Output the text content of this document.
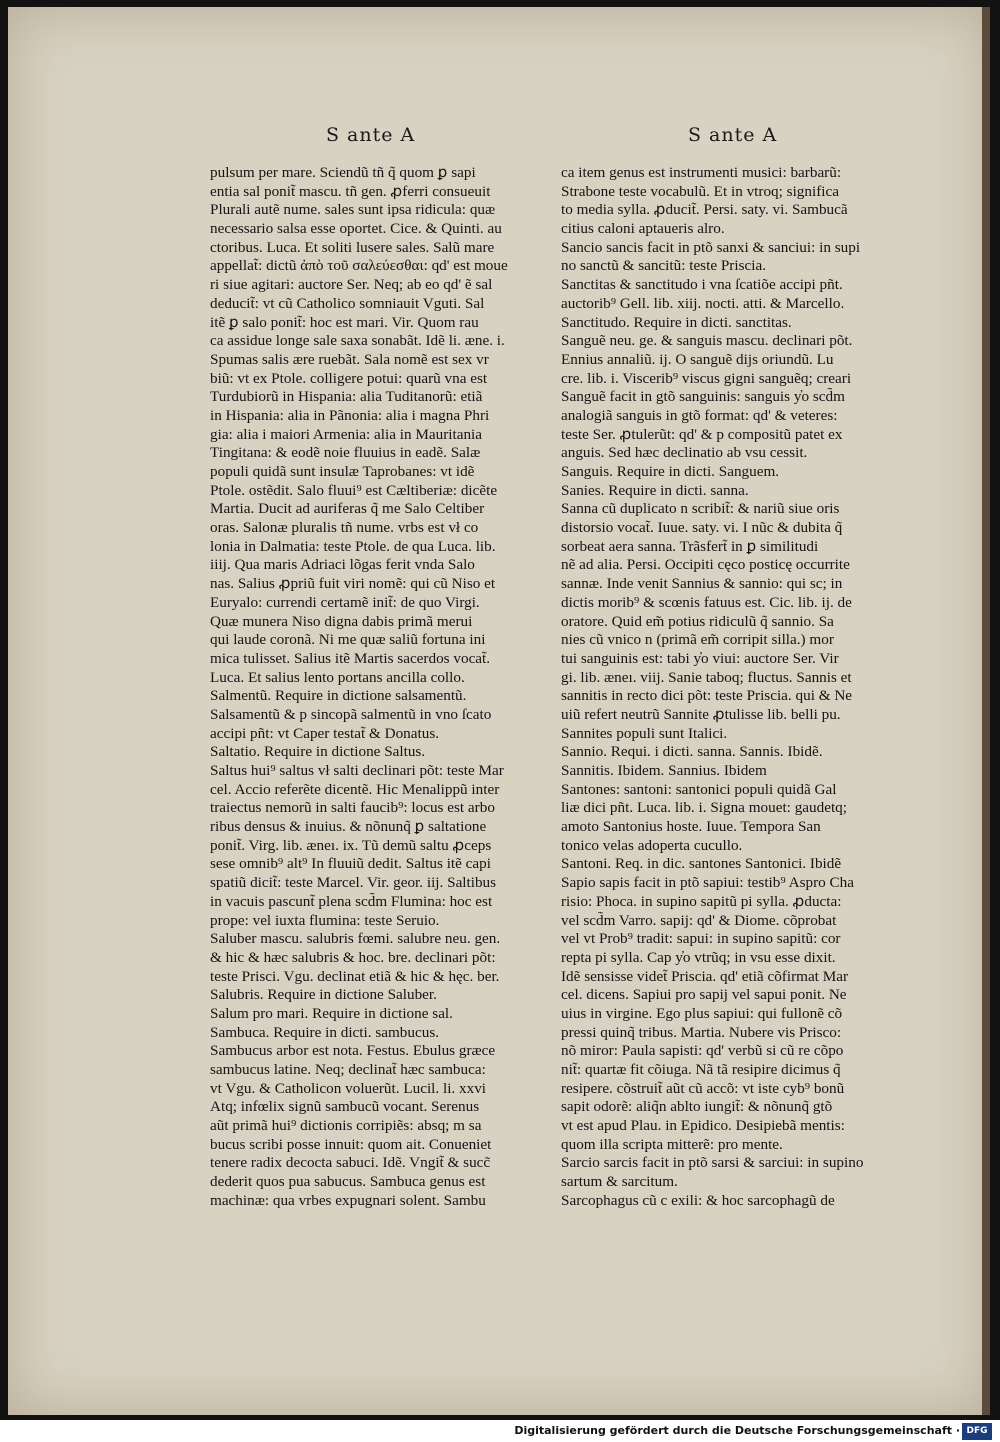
S ante A	S ante A
pulsum per mare. Sciendũ tñ q̃ quom ꝑ sapi
entia sal ponit̃ mascu. tñ gen. ꝓferri consueuit
Plurali autẽ nume. sales sunt ipsa ridicula: quæ
necessario salsa esse oportet. Cice. & Quinti. au
ctoribus. Luca. Et soliti lusere sales. Salũ mare
appellat̃: dictũ ἀπὸ τοῦ σαλεύεσθαι: qd' est moue
ri siue agitari: auctore Ser. Neq; ab eo qd' ẽ sal
deducit̃: vt cũ Catholico somniauit Vguti. Sal
itẽ ꝑ salo ponit̃: hoc est mari. Vir. Quom rau
ca assidue longe sale saxa sonabãt. Idẽ li. æne. i.
Spumas salis ære ruebãt. Sala nomẽ est sex vr
biũ: vt ex Ptole. colligere potui: quarũ vna est
Turdubiorũ in Hispania: alia Tuditanorũ: etiã
in Hispania: alia in Pãnonia: alia i magna Phri
gia: alia i maiori Armenia: alia in Mauritania
Tingitana: & eodẽ noie fluuius in eadẽ. Salæ
populi quidã sunt insulæ Taprobanes: vt idẽ
Ptole. ostẽdit. Salo fluui⁹ est Cæltiberiæ: dicẽte
Martia. Ducit ad auriferas q̃ me Salo Celtiber
oras. Salonæ pluralis tñ nume. vrbs est vł co
lonia in Dalmatia: teste Ptole. de qua Luca. lib.
iiij. Qua maris Adriaci lõgas ferit vnda Salo
nas. Salius ꝓpriũ fuit viri nomẽ: qui cũ Niso et
Euryalo: currendi certamẽ init̃: de quo Virgi.
Quæ munera Niso digna dabis primã merui
qui laude coronã. Ni me quæ saliũ fortuna ini
mica tulisset. Salius itẽ Martis sacerdos vocat̃.
Luca. Et salius lento portans ancilla collo.
Salmentũ. Require in dictione salsamentũ.
Salsamentũ & p sincopã salmentũ in vno ſcato
accipi pñt: vt Caper testat̃ & Donatus.
Saltatio. Require in dictione Saltus.
Saltus hui⁹ saltus vł salti declinari põt: teste Mar
cel. Accio referẽte dicentẽ. Hic Menalippũ inter
traiectus nemorũ in salti faucib⁹: locus est arbo
ribus densus & inuius. & nõnunq̃ ꝑ saltatione
ponit̃. Virg. lib. æneı. ix. Tũ demũ saltu ꝓceps
sese omnib⁹ alt⁹ In fluuiũ dedit. Saltus itẽ capi
spatiũ dicit̃: teste Marcel. Vir. geor. iij. Saltibus
in vacuis pascunt̃ plena scd̃m Flumina: hoc est
prope: vel iuxta flumina: teste Seruio.
Saluber mascu. salubris fœmi. salubre neu. gen.
& hic & hæc salubris & hoc. bre. declinari põt:
teste Prisci. Vgu. declinat etiã & hic & hęc. ber.
Salubris. Require in dictione Saluber.
Salum pro mari. Require in dictione sal.
Sambuca. Require in dicti. sambucus.
Sambucus arbor est nota. Festus. Ebulus græce
sambucus latine. Neq; declinat̃ hæc sambuca:
vt Vgu. & Catholicon voluerũt. Lucil. li. xxvi
Atq; infœlix signũ sambucũ vocant. Serenus
aũt primã hui⁹ dictionis corripiẽs: absq; m sa
bucus scribi posse innuit: quom ait. Conueniet
tenere radix decocta sabuci. Idẽ. Vngit̃ & succ̃
dederit quos pua sabucus. Sambuca genus est
machinæ: qua vrbes expugnari solent. Sambu
ca item genus est instrumenti musici: barbarũ:
Strabone teste vocabulũ. Et in vtroq; significa
to media sylla. ꝓducit̃. Persi. saty. vi. Sambucã
citius caloni aptaueris alro.
Sancio sancis facit in ptõ sanxi & sanciui: in supi
no sanctũ & sancitũ: teste Priscia.
Sanctitas & sanctitudo i vna ſcatiõe accipi pñt.
auctorib⁹ Gell. lib. xiij. nocti. atti. & Marcello.
Sanctitudo. Require in dicti. sanctitas.
Sanguẽ neu. ge. & sanguis mascu. declinari põt.
Ennius annaliũ. ij. O sanguẽ dijs oriundũ. Lu
cre. lib. i. Viscerib⁹ viscus gigni sanguẽq; creari
Sanguẽ facit in gtõ sanguinis: sanguis y̓o scd̃m
analogiã sanguis in gtõ format: qd' & veteres:
teste Ser. ꝓtulerũt: qd' & p compositũ patet ex
anguis. Sed hæc declinatio ab vsu cessit.
Sanguis. Require in dicti. Sanguem.
Sanies. Require in dicti. sanna.
Sanna cũ duplicato n scribit̃: & nariũ siue oris
distorsio vocat̃. Iuue. saty. vi. I nũc & dubita q̃
sorbeat aera sanna. Trãsfert̃ in ꝑ similitudi
nẽ ad alia. Persi. Occipiti cęco posticę occurrite
sannæ. Inde venit Sannius & sannio: qui sc; in
dictis morib⁹ & scœnis fatuus est. Cic. lib. ij. de
oratore. Quid em̃ potius ridiculũ q̃ sannio. Sa
nies cũ vnico n (primã em̃ corripit silla.) mor
tui sanguinis est: tabi y̓o viui: auctore Ser. Vir
gi. lib. æneı. viij. Sanie taboq; fluctus. Sannis et
sannitis in recto dici põt: teste Priscia. qui & Ne
uiũ refert neutrũ Sannite ꝓtulisse lib. belli pu.
Sannites populi sunt Italici.
Sannio. Requi. i dicti. sanna. Sannis. Ibidẽ.
Sannitis. Ibidem. Sannius. Ibidem
Santones: santoni: santonici populi quidã Gal
liæ dici pñt. Luca. lib. i. Signa mouet: gaudetq;
amoto Santonius hoste. Iuue. Tempora San
tonico velas adoperta cucullo.
Santoni. Req. in dic. santones Santonici. Ibidẽ
Sapio sapis facit in ptõ sapiui: testib⁹ Aspro Cha
risio: Phoca. in supino sapitũ pi sylla. ꝓducta:
vel scd̃m Varro. sapij: qd' & Diome. cõprobat
vel vt Prob⁹ tradit: sapui: in supino sapitũ: cor
repta pi sylla. Cap y̓o vtrũq; in vsu esse dixit.
Idẽ sensisse videt̃ Priscia. qd' etiã cõfirmat Mar
cel. dicens. Sapiui pro sapij vel sapui ponit. Ne
uius in virgine. Ego plus sapiui: qui fullonẽ cõ
pressi quinq̃ tribus. Martia. Nubere vis Prisco:
nõ miror: Paula sapisti: qd' verbũ si cũ re cõpo
nit̃: quartæ fit cõiuga. Nã tã resipire dicimus q̃
resipere. cõstruit̃ aũt cũ accõ: vt iste cyb⁹ bonũ
sapit odorẽ: aliq̃n ablto iungit̃: & nõnunq̃ gtõ
vt est apud Plau. in Epidico. Desipiebã mentis:
quom illa scripta mitterẽ: pro mente.
Sarcio sarcis facit in ptõ sarsi & sarciui: in supino
sartum & sarcitum.
Sarcophagus cũ c exili: & hoc sarcophagũ de
Digitalisierung gefördert durch die Deutsche Forschungsgemeinschaft · DFG
